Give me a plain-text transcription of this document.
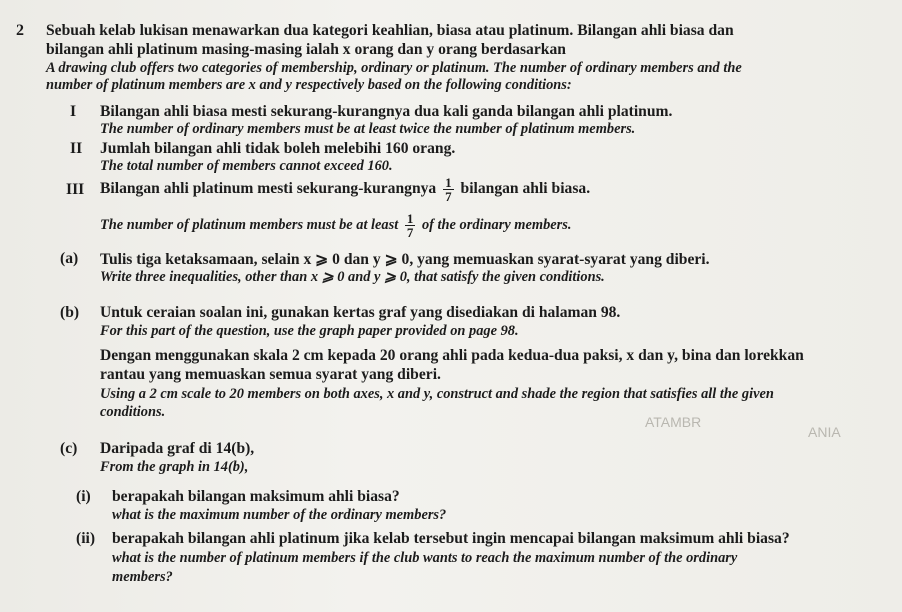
2 Sebuah kelab lukisan menawarkan dua kategori keahlian, biasa atau platinum. Bilangan ahli biasa dan
bilangan ahli platinum masing-masing ialah x orang dan y orang berdasarkan
A drawing club offers two categories of membership, ordinary or platinum. The number of ordinary members and the
number of platinum members are x and y respectively based on the following conditions:
I Bilangan ahli biasa mesti sekurang-kurangnya dua kali ganda bilangan ahli platinum.
The number of ordinary members must be at least twice the number of platinum members.
II Jumlah bilangan ahli tidak boleh melebihi 160 orang.
The total number of members cannot exceed 160.
III Bilangan ahli platinum mesti sekurang-kurangnya $\frac{1}{7}$ bilangan ahli biasa.
The number of platinum members must be at least $\frac{1}{7}$ of the ordinary members.
(a) Tulis tiga ketaksamaan, selain x ⩾ 0 dan y ⩾ 0, yang memuaskan syarat-syarat yang diberi.
Write three inequalities, other than x ⩾ 0 and y ⩾ 0, that satisfy the given conditions.
(b) Untuk ceraian soalan ini, gunakan kertas graf yang disediakan di halaman 98.
For this part of the question, use the graph paper provided on page 98.
Dengan menggunakan skala 2 cm kepada 20 orang ahli pada kedua-dua paksi, x dan y, bina dan lorekkan
rantau yang memuaskan semua syarat yang diberi.
Using a 2 cm scale to 20 members on both axes, x and y, construct and shade the region that satisfies all the given
conditions.
ATAMBR
ANIA
(c) Daripada graf di 14(b),
From the graph in 14(b),
(i) berapakah bilangan maksimum ahli biasa?
what is the maximum number of the ordinary members?
(ii) berapakah bilangan ahli platinum jika kelab tersebut ingin mencapai bilangan maksimum ahli biasa?
what is the number of platinum members if the club wants to reach the maximum number of the ordinary
members?
